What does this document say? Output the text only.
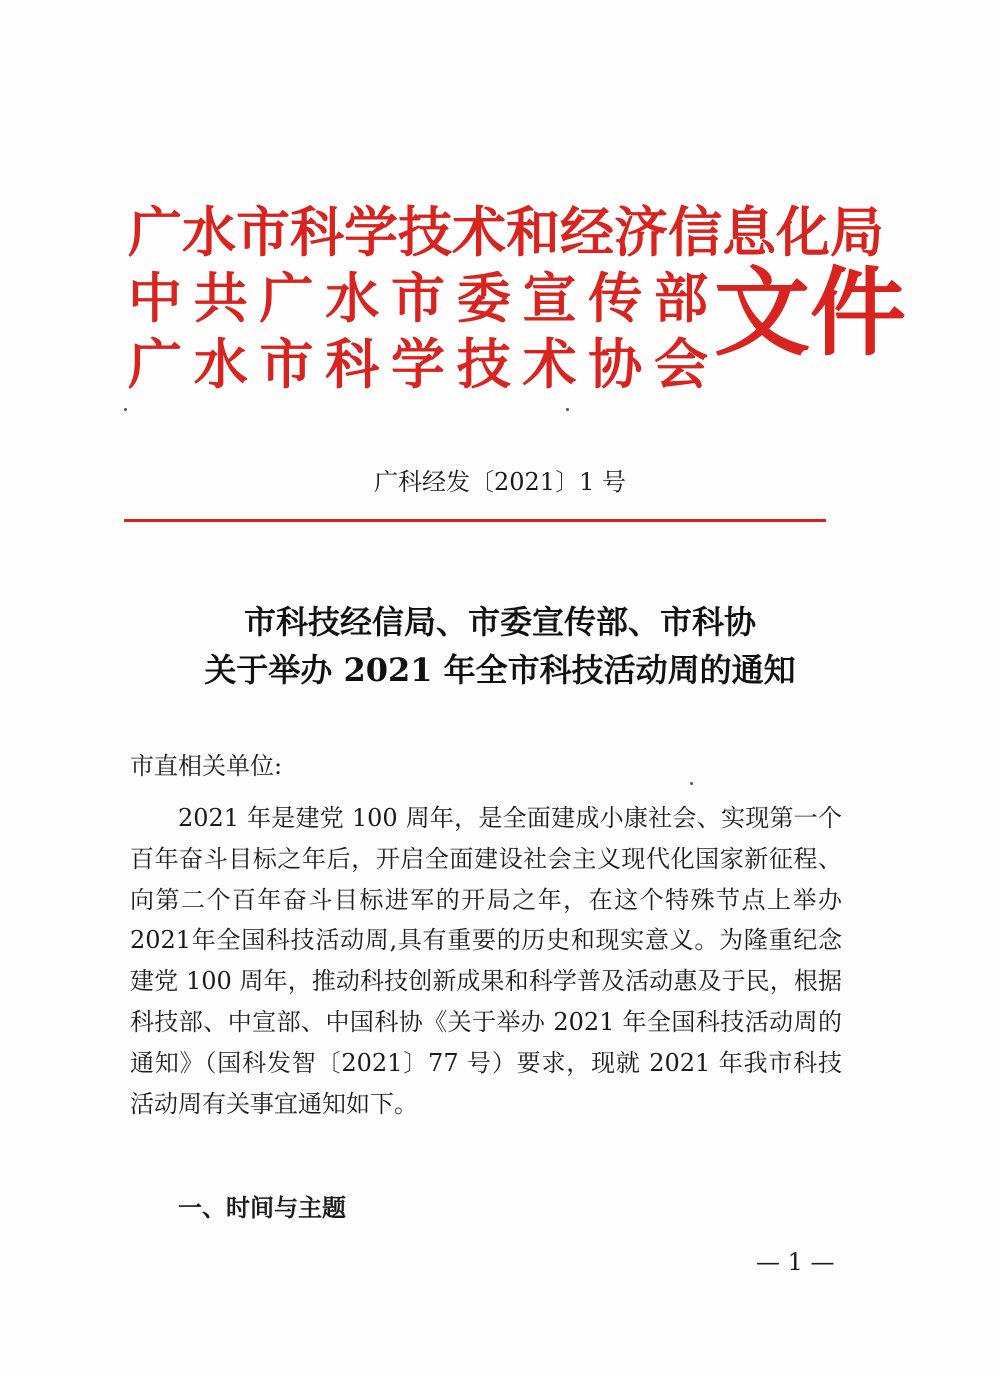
广水市科学技术和经济信息化局
中共广水市委宣传部
广水市科学技术协会 文件
广科经发〔2021〕1 号
市科技经信局、市委宣传部、市科协
关于举办 2021 年全市科技活动周的通知
市直相关单位:

2021 年是建党 100 周年，是全面建成小康社会、实现第一个百年奋斗目标之年后，开启全面建设社会主义现代化国家新征程、向第二个百年奋斗目标进军的开局之年，在这个特殊节点上举办2021年全国科技活动周,具有重要的历史和现实意义。为隆重纪念建党 100 周年，推动科技创新成果和科学普及活动惠及于民，根据科技部、中宣部、中国科协《关于举办 2021 年全国科技活动周的通知》（国科发智〔2021〕77 号）要求，现就 2021 年我市科技活动周有关事宜通知如下。

一、时间与主题
— 1 —
